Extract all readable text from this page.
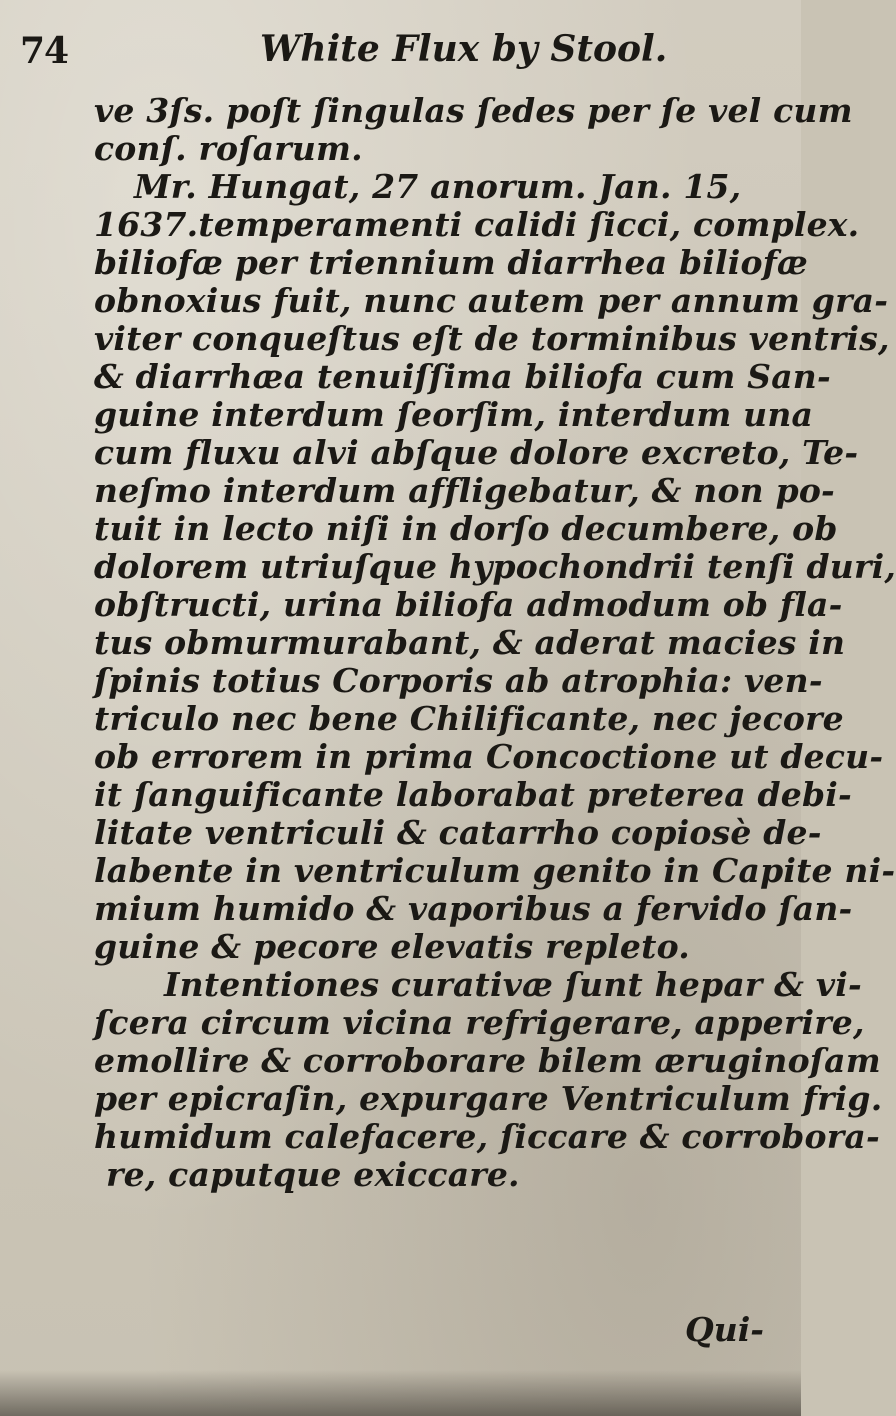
74	White Flux by Stool.
ve 3ſs. poſt ſingulas ſedes per ſe vel cum
conſ. roſarum.
Mr. Hungat, 27 anorum. Jan. 15,
1637.temperamenti calidi ſicci, complex.
biliofæ per triennium diarrhea biliofæ
obnoxius fuit, nunc autem per annum gra-
viter conqueſtus eſt de torminibus ventris,
& diarrhæa tenuiſſima biliofa cum San-
guine interdum ſeorſim, interdum una
cum fluxu alvi abſque dolore excreto, Te-
neſmo interdum affligebatur, & non po-
tuit in lecto niſi in dorſo decumbere, ob
dolorem utriuſque hypochondrii tenſi duri,
obſtructi, urina biliofa admodum ob fla-
tus obmurmurabant, & aderat macies in
ſpinis totius Corporis ab atrophia: ven-
triculo nec bene Chilificante, nec jecore
ob errorem in prima Concoctione ut decu-
it ſanguificante laborabat preterea debi-
litate ventriculi & catarrho copiosè de-
labente in ventriculum genito in Capite ni-
mium humido & vaporibus a fervido ſan-
guine & pecore elevatis repleto.
Intentiones curativæ ſunt hepar & vi-
ſcera circum vicina refrigerare, apperire,
emollire & corroborare bilem æruginoſam
per epicraſin, expurgare Ventriculum frig.
humidum calefacere, ſiccare & corrobora-
re, caputque exiccare.
Qui-
